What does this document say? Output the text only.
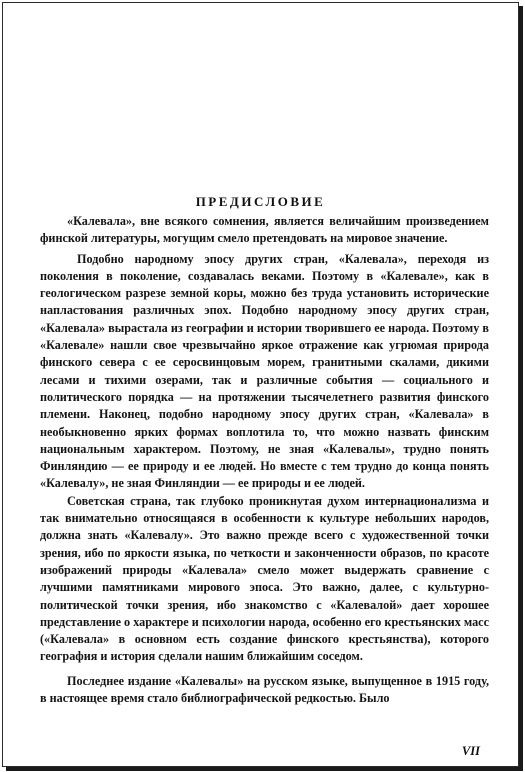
ПРЕДИСЛОВИЕ

«Калевала», вне всякого сомнения, является величайшим произведением финской литературы, могущим смело претендовать на мировое значение.

Подобно народному эпосу других стран, «Калевала», переходя из поколения в поколение, создавалась веками. Поэтому в «Калевале», как в геологическом разрезе земной коры, можно без труда установить исторические напластования различных эпох. Подобно народному эпосу других стран, «Калевала» вырастала из географии и истории творившего ее народа. Поэтому в «Калевале» нашли свое чрезвычайно яркое отражение как угрюмая природа финского севера с ее серосвинцовым морем, гранитными скалами, дикими лесами и тихими озерами, так и различные события — социального и политического порядка — на протяжении тысячелетнего развития финского племени. Наконец, подобно народному эпосу других стран, «Калевала» в необыкновенно ярких формах воплотила то, что можно назвать финским национальным характером. Поэтому, не зная «Калевалы», трудно понять Финляндию — ее природу и ее людей. Но вместе с тем трудно до конца понять «Калевалу», не зная Финляндии — ее природы и ее людей.

Советская страна, так глубоко проникнутая духом интернационализма и так внимательно относящаяся в особенности к культуре небольших народов, должна знать «Калевалу». Это важно прежде всего с художественной точки зрения, ибо по яркости языка, по четкости и законченности образов, по красоте изображений природы «Калевала» смело может выдержать сравнение с лучшими памятниками мирового эпоса. Это важно, далее, с культурно-политической точки зрения, ибо знакомство с «Калевалой» дает хорошее представление о характере и психологии народа, особенно его крестьянских масс («Калевала» в основном есть создание финского крестьянства), которого география и история сделали нашим ближайшим соседом.

Последнее издание «Калевалы» на русском языке, выпущенное в 1915 году, в настоящее время стало библиографической редкостью. Было

VII
